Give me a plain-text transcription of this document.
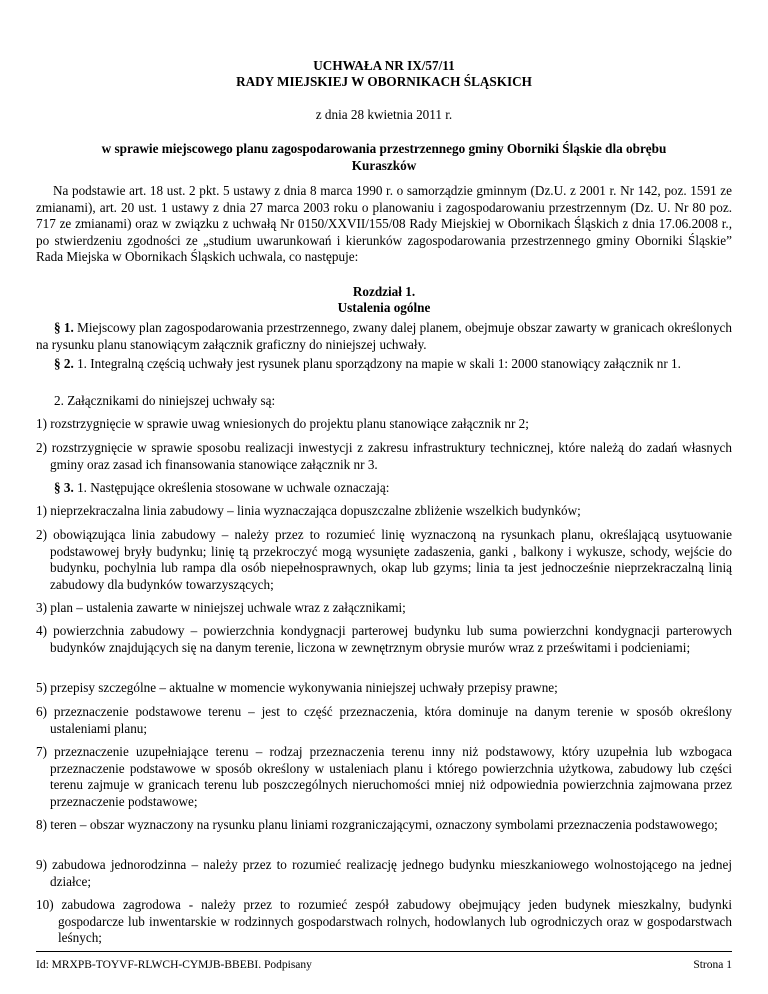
UCHWAŁA NR IX/57/11
RADY MIEJSKIEJ W OBORNIKACH ŚLĄSKICH
z dnia 28 kwietnia 2011 r.
w sprawie miejscowego planu zagospodarowania przestrzennego gminy Oborniki Śląskie dla obrębu Kuraszków
Na podstawie art. 18 ust. 2 pkt. 5 ustawy z dnia 8 marca 1990 r. o samorządzie gminnym (Dz.U. z 2001 r. Nr 142, poz. 1591 ze zmianami), art. 20 ust. 1 ustawy z dnia 27 marca 2003 roku o planowaniu i zagospodarowaniu przestrzennym (Dz. U. Nr 80 poz. 717 ze zmianami) oraz w związku z uchwałą Nr 0150/XXVII/155/08 Rady Miejskiej w Obornikach Śląskich z dnia 17.06.2008 r., po stwierdzeniu zgodności ze „studium uwarunkowań i kierunków zagospodarowania przestrzennego gminy Oborniki Śląskie” Rada Miejska w Obornikach Śląskich uchwala, co następuje:
Rozdział 1.
Ustalenia ogólne
§ 1. Miejscowy plan zagospodarowania przestrzennego, zwany dalej planem, obejmuje obszar zawarty w granicach określonych na rysunku planu stanowiącym załącznik graficzny do niniejszej uchwały.
§ 2. 1. Integralną częścią uchwały jest rysunek planu sporządzony na mapie w skali 1: 2000 stanowiący załącznik nr 1.
2. Załącznikami do niniejszej uchwały są:
1) rozstrzygnięcie w sprawie uwag wniesionych do projektu planu stanowiące załącznik nr 2;
2) rozstrzygnięcie w sprawie sposobu realizacji inwestycji z zakresu infrastruktury technicznej, które należą do zadań własnych gminy oraz zasad ich finansowania stanowiące załącznik nr 3.
§ 3. 1. Następujące określenia stosowane w uchwale oznaczają:
1) nieprzekraczalna linia zabudowy – linia wyznaczająca dopuszczalne zbliżenie wszelkich budynków;
2) obowiązująca linia zabudowy – należy przez to rozumieć linię wyznaczoną na rysunkach planu, określającą usytuowanie podstawowej bryły budynku; linię tą przekroczyć mogą wysunięte zadaszenia, ganki , balkony i wykusze, schody, wejście do budynku, pochylnia lub rampa dla osób niepełnosprawnych, okap lub gzyms; linia ta jest jednocześnie nieprzekraczalną linią zabudowy dla budynków towarzyszących;
3) plan – ustalenia zawarte w niniejszej uchwale wraz z załącznikami;
4) powierzchnia zabudowy – powierzchnia kondygnacji parterowej budynku lub suma powierzchni kondygnacji parterowych budynków znajdujących się na danym terenie, liczona w zewnętrznym obrysie murów wraz z prześwitami i podcieniami;
5) przepisy szczególne – aktualne w momencie wykonywania niniejszej uchwały przepisy prawne;
6) przeznaczenie podstawowe terenu – jest to część przeznaczenia, która dominuje na danym terenie w sposób określony ustaleniami planu;
7) przeznaczenie uzupełniające terenu – rodzaj przeznaczenia terenu inny niż podstawowy, który uzupełnia lub wzbogaca przeznaczenie podstawowe w sposób określony w ustaleniach planu i którego powierzchnia użytkowa, zabudowy lub części terenu zajmuje w granicach terenu lub poszczególnych nieruchomości mniej niż odpowiednia powierzchnia zajmowana przez przeznaczenie podstawowe;
8) teren – obszar wyznaczony na rysunku planu liniami rozgraniczającymi, oznaczony symbolami przeznaczenia podstawowego;
9) zabudowa jednorodzinna – należy przez to rozumieć realizację jednego budynku mieszkaniowego wolnostojącego na jednej działce;
10) zabudowa zagrodowa - należy przez to rozumieć zespół zabudowy obejmujący jeden budynek mieszkalny, budynki gospodarcze lub inwentarskie w rodzinnych gospodarstwach rolnych, hodowlanych lub ogrodniczych oraz w gospodarstwach leśnych;
Id: MRXPB-TOYVF-RLWCH-CYMJB-BBEBI. Podpisany	Strona 1
